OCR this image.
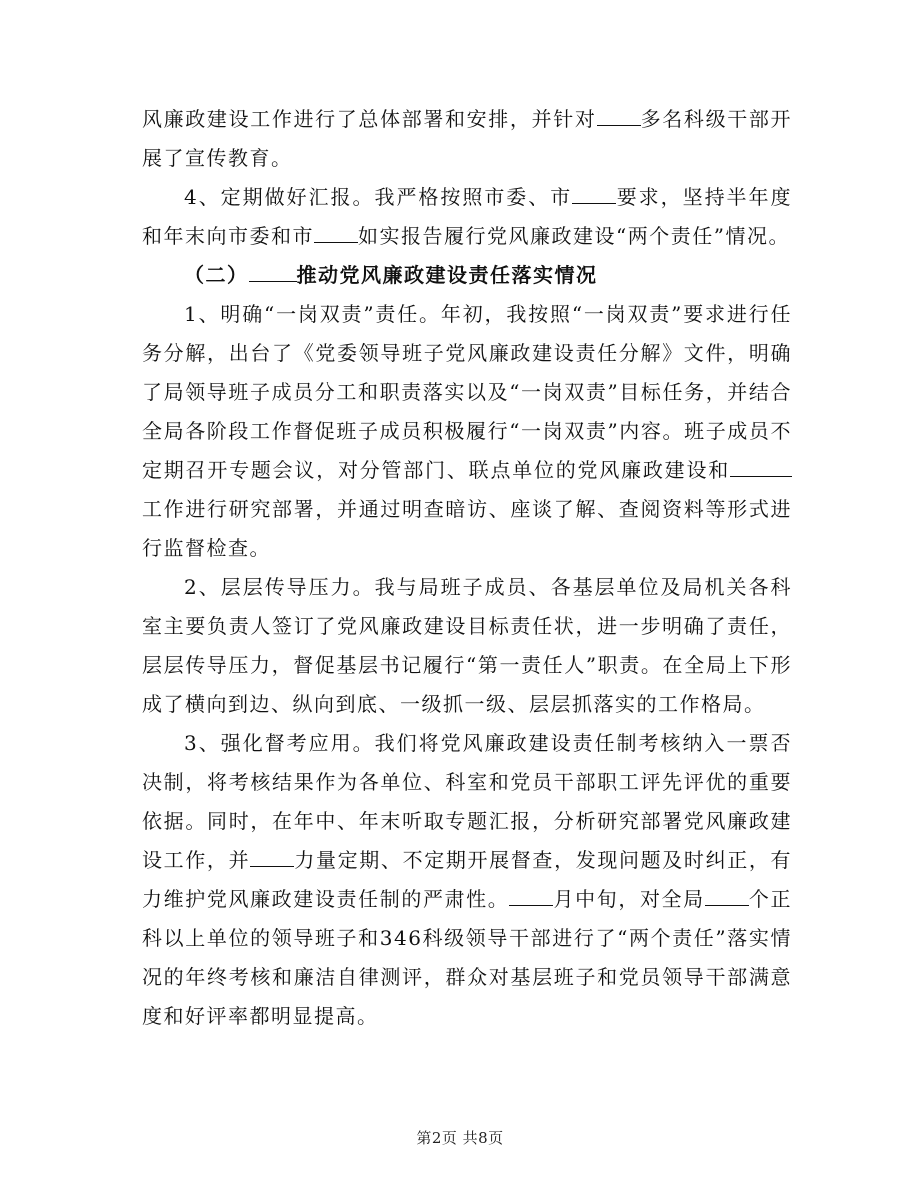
风廉政建设工作进行了总体部署和安排，并针对 多名科级干部开展了宣传教育。

4、定期做好汇报。我严格按照市委、市 要求，坚持半年度和年末向市委和市 如实报告履行党风廉政建设“两个责任”情况。

（二） 推动党风廉政建设责任落实情况

1、明确“一岗双责”责任。年初，我按照“一岗双责”要求进行任务分解，出台了《党委领导班子党风廉政建设责任分解》文件，明确了局领导班子成员分工和职责落实以及“一岗双责”目标任务，并结合全局各阶段工作督促班子成员积极履行“一岗双责”内容。班子成员不定期召开专题会议，对分管部门、联点单位的党风廉政建设和工作进行研究部署，并通过明查暗访、座谈了解、查阅资料等形式进行监督检查。

2、层层传导压力。我与局班子成员、各基层单位及局机关各科室主要负责人签订了党风廉政建设目标责任状，进一步明确了责任，层层传导压力，督促基层书记履行“第一责任人”职责。在全局上下形成了横向到边、纵向到底、一级抓一级、层层抓落实的工作格局。

3、强化督考应用。我们将党风廉政建设责任制考核纳入一票否决制，将考核结果作为各单位、科室和党员干部职工评先评优的重要依据。同时，在年中、年末听取专题汇报，分析研究部署党风廉政建设工作，并 力量定期、不定期开展督查，发现问题及时纠正，有力维护党风廉政建设责任制的严肃性。 月中旬，对全局 个正科以上单位的领导班子和346科级领导干部进行了“两个责任”落实情况的年终考核和廉洁自律测评，群众对基层班子和党员领导干部满意度和好评率都明显提高。

第2页 共8页
